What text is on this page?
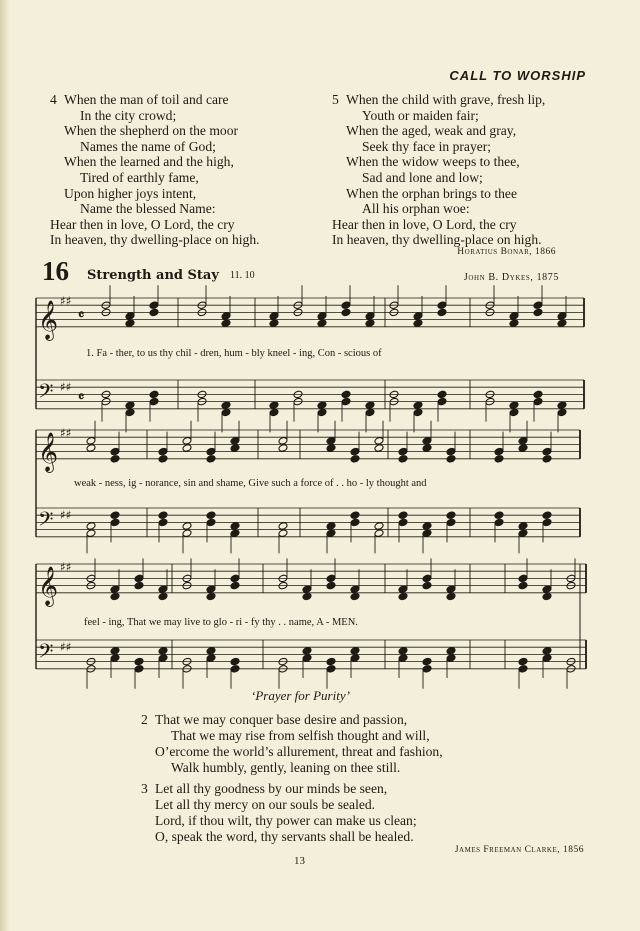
CALL TO WORSHIP
4 When the man of toil and care
In the city crowd;
When the shepherd on the moor
Names the name of God;
When the learned and the high,
Tired of earthly fame,
Upon higher joys intent,
Name the blessed Name:
Hear then in love, O Lord, the cry
In heaven, thy dwelling-place on high.
5 When the child with grave, fresh lip,
Youth or maiden fair;
When the aged, weak and gray,
Seek thy face in prayer;
When the widow weeps to thee,
Sad and lone and low;
When the orphan brings to thee
All his orphan woe:
Hear then in love, O Lord, the cry
In heaven, thy dwelling-place on high.
Horatius Bonar, 1866
16 Strength and Stay 11. 10	John B. Dykes, 1875
𝄞 ♯♯
𝄴
𝄢 ♯♯
𝄴
𝄞 ♯♯
𝄢 ♯♯
𝄞 ♯♯
𝄢 ♯♯
1. Fa - ther, to us thy chil - dren, hum - bly kneel - ing, Con - scious of
weak - ness, ig - norance, sin and shame, Give such a force of . . ho - ly thought and
feel - ing, That we may live to glo - ri - fy thy . . name, A - MEN.
‘Prayer for Purity’
2 That we may conquer base desire and passion,
That we may rise from selfish thought and will,
O’ercome the world’s allurement, threat and fashion,
Walk humbly, gently, leaning on thee still.
3 Let all thy goodness by our minds be seen,
Let all thy mercy on our souls be sealed.
Lord, if thou wilt, thy power can make us clean;
O, speak the word, thy servants shall be healed.
James Freeman Clarke, 1856
13
